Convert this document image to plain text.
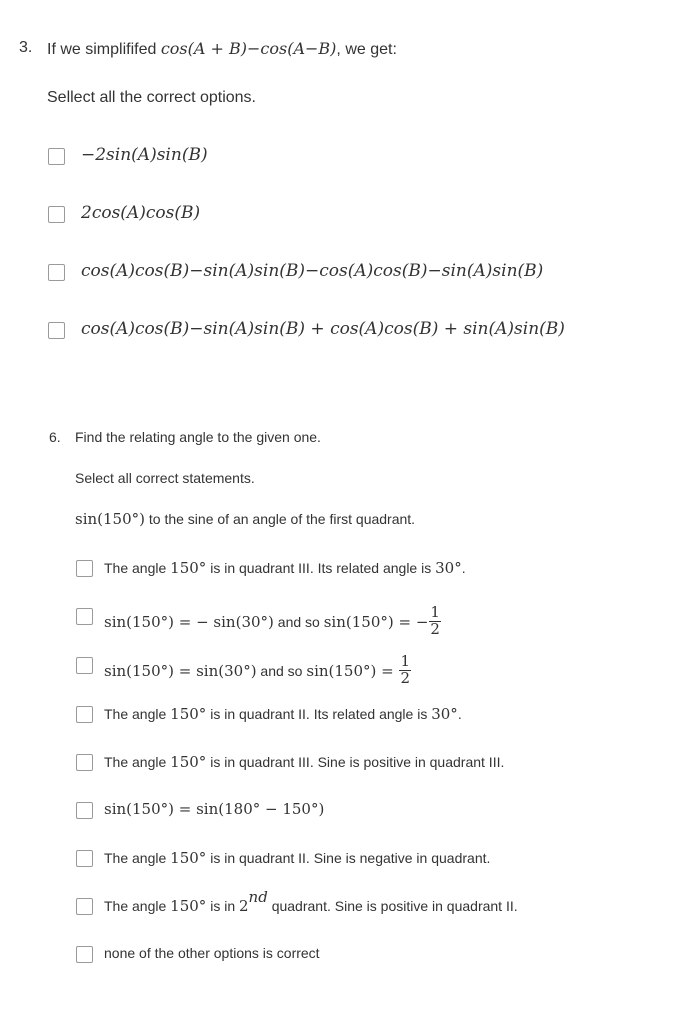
3. If we simplififed cos(A + B)−cos(A−B), we get:
Sellect all the correct options.
−2sin(A)sin(B)
2cos(A)cos(B)
cos(A)cos(B)−sin(A)sin(B)−cos(A)cos(B)−sin(A)sin(B)
cos(A)cos(B)−sin(A)sin(B) + cos(A)cos(B) + sin(A)sin(B)
6. Find the relating angle to the given one.
Select all correct statements.
sin(150°) to the sine of an angle of the first quadrant.
The angle 150° is in quadrant III. Its related angle is 30°.
sin(150°) = − sin(30°) and so sin(150°) = − $\frac{1}{2}$
sin(150°) = sin(30°) and so $\sin(150^\circ) = \frac{1}{2}$
The angle 150° is in quadrant II. Its related angle is 30°.
The angle 150° is in quadrant III. Sine is positive in quadrant III.
sin(150°) = sin(180° − 150°)
The angle 150° is in quadrant II. Sine is negative in quadrant.
The angle 150° is in 2nd quadrant. Sine is positive in quadrant II.
none of the other options is correct
